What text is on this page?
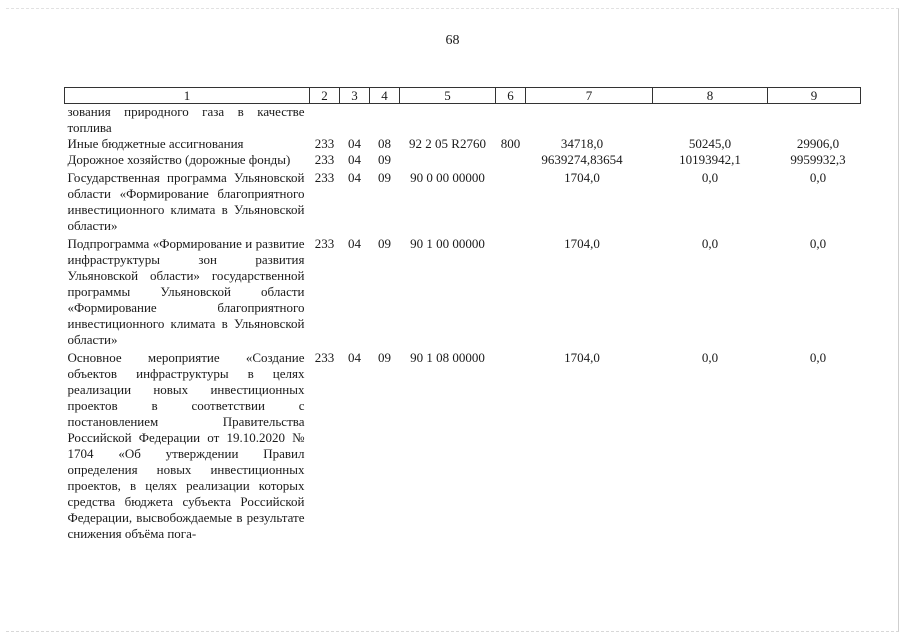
68
1	2	3	4	5	6	7	8	9
зования природного газа в качестве топлива								
Иные бюджетные ассигнования	233	04	08	92 2 05 R2760	800	34718,0	50245,0	29906,0
Дорожное хозяйство (дорожные фонды)	233	04	09			9639274,83654	10193942,1	9959932,3
Государственная программа Ульяновской области «Формирование благоприятного инвестиционного климата в Ульяновской области»	233	04	09	90 0 00 00000		1704,0	0,0	0,0
Подпрограмма «Формирование и развитие инфраструктуры зон развития Ульяновской области» государственной программы Ульяновской области «Формирование благоприятного инвестиционного климата в Ульяновской области»	233	04	09	90 1 00 00000		1704,0	0,0	0,0
Основное мероприятие «Создание объектов инфраструктуры в целях реализации новых инвестиционных проектов в соответствии с постановлением Правительства Российской Федерации от 19.10.2020 № 1704 «Об утверждении Правил определения новых инвестиционных проектов, в целях реализации которых средства бюджета субъекта Российской Федерации, высвобождаемые в результате снижения объёма пога-	233	04	09	90 1 08 00000		1704,0	0,0	0,0
